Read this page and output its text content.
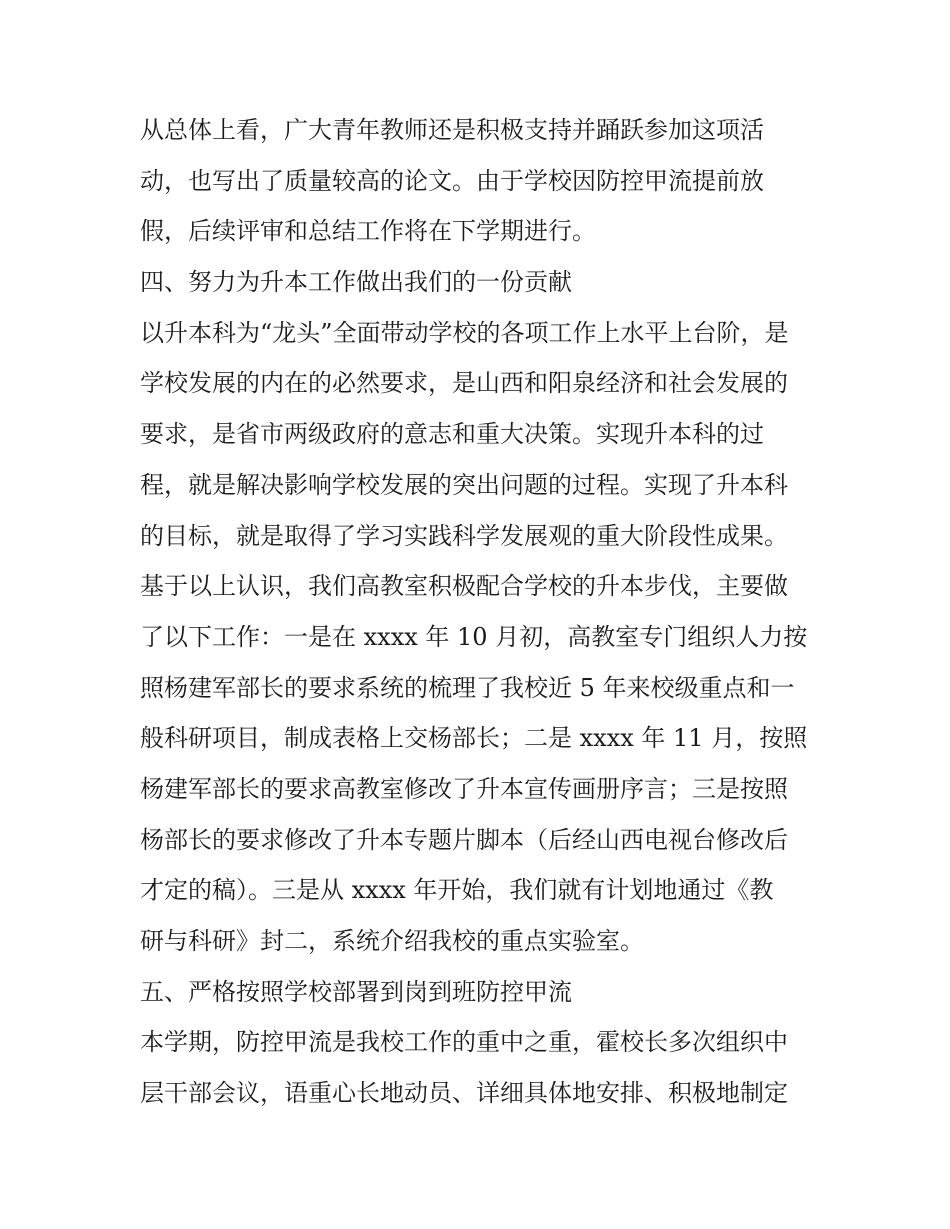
从总体上看，广大青年教师还是积极支持并踊跃参加这项活
动，也写出了质量较高的论文。由于学校因防控甲流提前放
假，后续评审和总结工作将在下学期进行。
四、努力为升本工作做出我们的一份贡献
以升本科为“龙头”全面带动学校的各项工作上水平上台阶，是
学校发展的内在的必然要求，是山西和阳泉经济和社会发展的
要求，是省市两级政府的意志和重大决策。实现升本科的过
程，就是解决影响学校发展的突出问题的过程。实现了升本科
的目标，就是取得了学习实践科学发展观的重大阶段性成果。
基于以上认识，我们高教室积极配合学校的升本步伐，主要做
了以下工作：一是在 xxxx 年 10 月初，高教室专门组织人力按
照杨建军部长的要求系统的梳理了我校近 5 年来校级重点和一
般科研项目，制成表格上交杨部长；二是 xxxx 年 11 月，按照
杨建军部长的要求高教室修改了升本宣传画册序言；三是按照
杨部长的要求修改了升本专题片脚本（后经山西电视台修改后
才定的稿）。三是从 xxxx 年开始，我们就有计划地通过《教
研与科研》封二，系统介绍我校的重点实验室。
五、严格按照学校部署到岗到班防控甲流
本学期，防控甲流是我校工作的重中之重，霍校长多次组织中
层干部会议，语重心长地动员、详细具体地安排、积极地制定
